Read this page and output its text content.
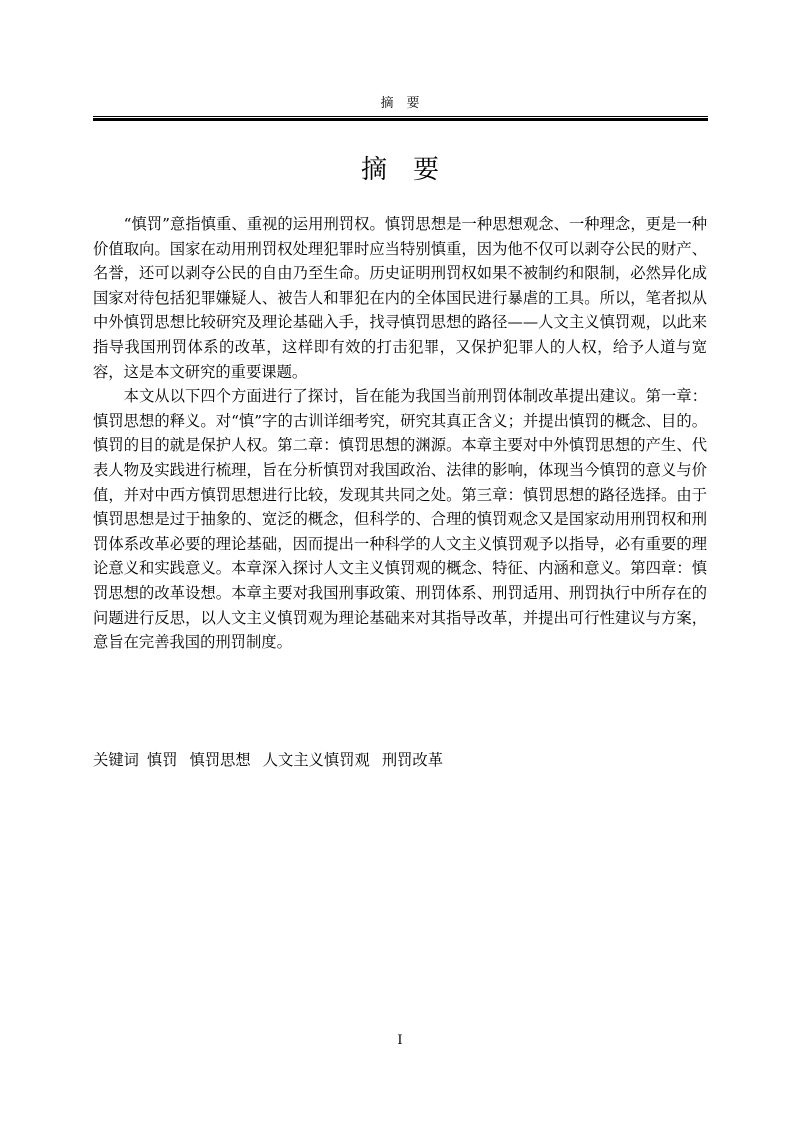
摘　要
摘　要

“慎罚”意指慎重、重视的运用刑罚权。慎罚思想是一种思想观念、一种理念，更是一种价值取向。国家在动用刑罚权处理犯罪时应当特别慎重，因为他不仅可以剥夺公民的财产、名誉，还可以剥夺公民的自由乃至生命。历史证明刑罚权如果不被制约和限制，必然异化成国家对待包括犯罪嫌疑人、被告人和罪犯在内的全体国民进行暴虐的工具。所以，笔者拟从中外慎罚思想比较研究及理论基础入手，找寻慎罚思想的路径——人文主义慎罚观，以此来指导我国刑罚体系的改革，这样即有效的打击犯罪，又保护犯罪人的人权，给予人道与宽容，这是本文研究的重要课题。

本文从以下四个方面进行了探讨，旨在能为我国当前刑罚体制改革提出建议。第一章：慎罚思想的释义。对“慎”字的古训详细考究，研究其真正含义；并提出慎罚的概念、目的。慎罚的目的就是保护人权。第二章：慎罚思想的渊源。本章主要对中外慎罚思想的产生、代表人物及实践进行梳理，旨在分析慎罚对我国政治、法律的影响，体现当今慎罚的意义与价值，并对中西方慎罚思想进行比较，发现其共同之处。第三章：慎罚思想的路径选择。由于慎罚思想是过于抽象的、宽泛的概念，但科学的、合理的慎罚观念又是国家动用刑罚权和刑罚体系改革必要的理论基础，因而提出一种科学的人文主义慎罚观予以指导，必有重要的理论意义和实践意义。本章深入探讨人文主义慎罚观的概念、特征、内涵和意义。第四章：慎罚思想的改革设想。本章主要对我国刑事政策、刑罚体系、刑罚适用、刑罚执行中所存在的问题进行反思，以人文主义慎罚观为理论基础来对其指导改革，并提出可行性建议与方案，意旨在完善我国的刑罚制度。

关键词 慎罚 慎罚思想 人文主义慎罚观 刑罚改革
I
